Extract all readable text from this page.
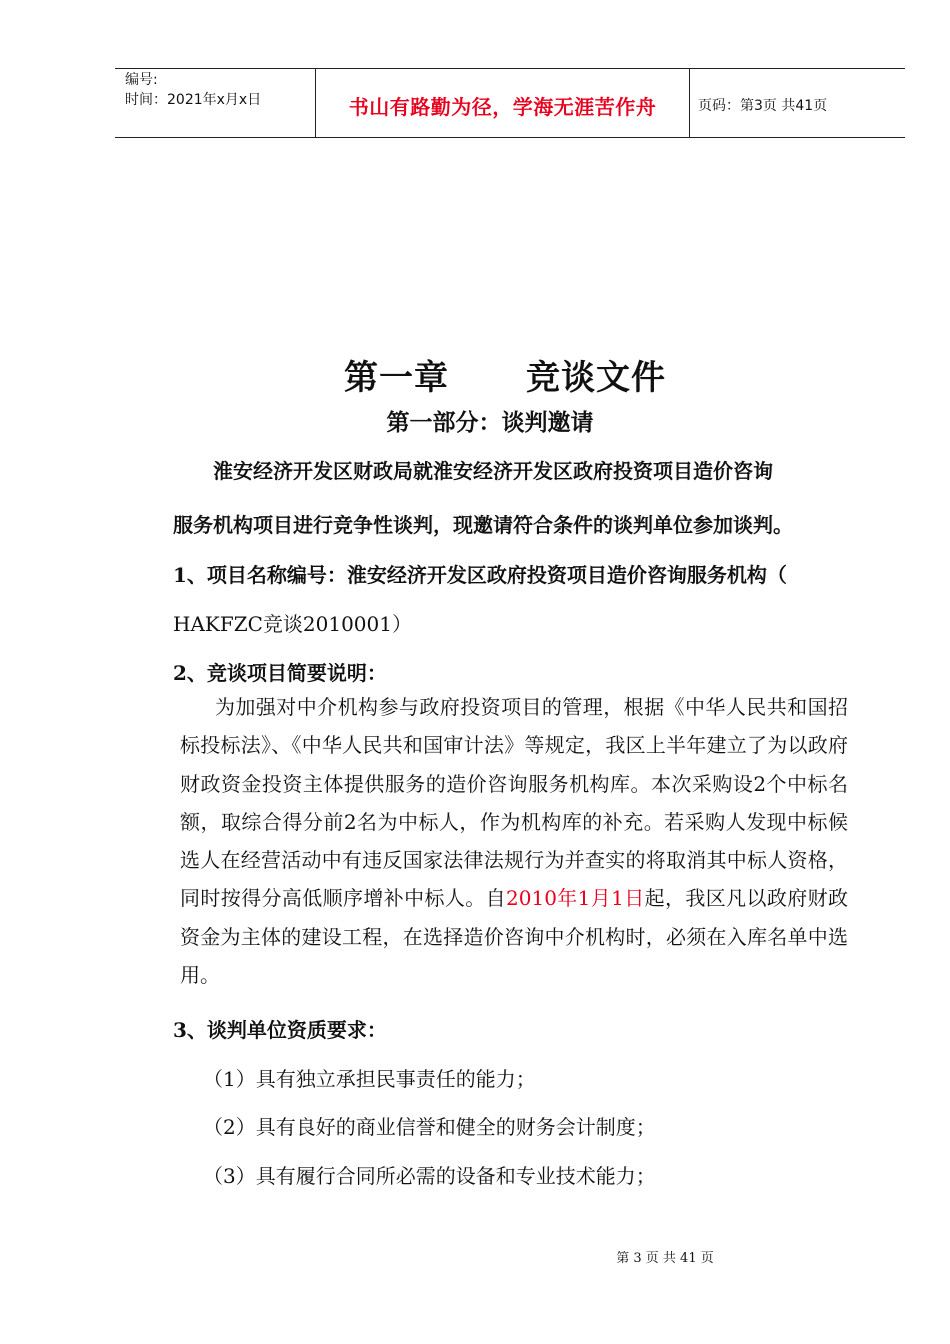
编号:
时间：2021年x月x日	书山有路勤为径，学海无涯苦作舟	页码：第3页 共41页
第一章      竞谈文件
第一部分：谈判邀请
淮安经济开发区财政局就淮安经济开发区政府投资项目造价咨询
服务机构项目进行竞争性谈判，现邀请符合条件的谈判单位参加谈判。
1、项目名称编号：淮安经济开发区政府投资项目造价咨询服务机构（
HAKFZC竞谈2010001）
2、竞谈项目简要说明：

为加强对中介机构参与政府投资项目的管理，根据《中华人民共和国招标投标法》、《中华人民共和国审计法》等规定，我区上半年建立了为以政府财政资金投资主体提供服务的造价咨询服务机构库。本次采购设2个中标名额，取综合得分前2名为中标人，作为机构库的补充。若采购人发现中标候选人在经营活动中有违反国家法律法规行为并查实的将取消其中标人资格，同时按得分高低顺序增补中标人。自2010年1月1日起，我区凡以政府财政资金为主体的建设工程，在选择造价咨询中介机构时，必须在入库名单中选用。

3、谈判单位资质要求：
（1）具有独立承担民事责任的能力；
（2）具有良好的商业信誉和健全的财务会计制度；
（3）具有履行合同所必需的设备和专业技术能力；
第 3 页 共 41 页
